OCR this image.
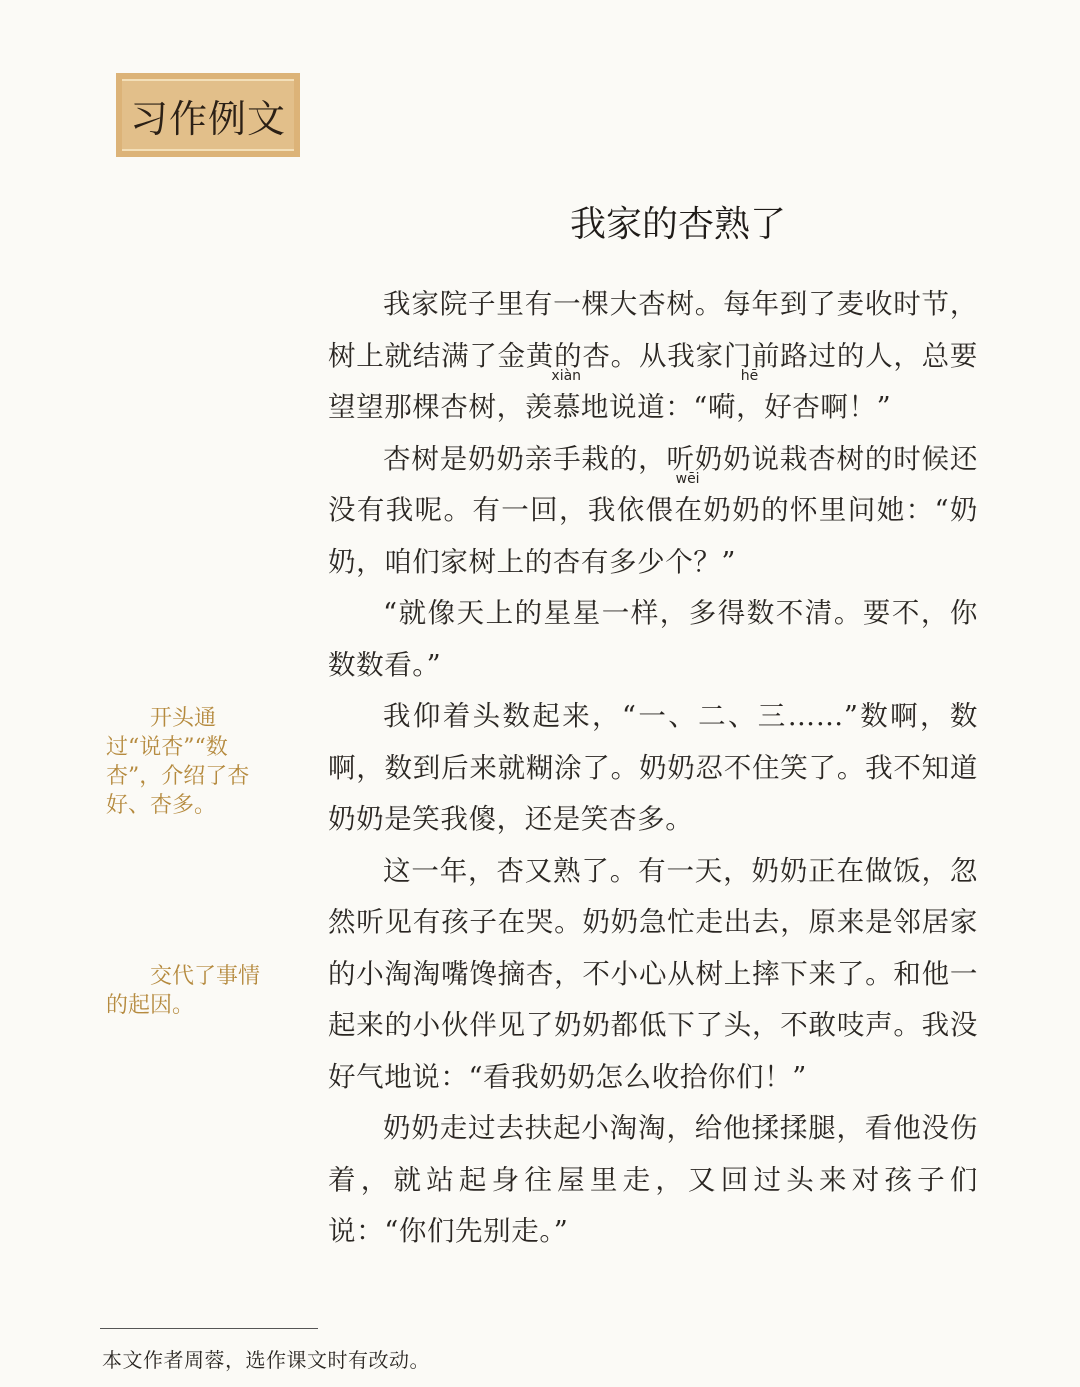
习作例文
我家的杏熟了

我家院子里有一棵大杏树。每年到了麦收时节，树上就结满了金黄的杏。从我家门前路过的人，总要望望那棵杏树，
xiàn
羡慕地说道：“
hē
嗬，好杏啊！”

杏树是奶奶亲手栽的，听奶奶说栽杏树的时候还没有我呢。有一回，我依
wēi
偎在奶奶的怀里问她：“奶奶，咱们家树上的杏有多少个？”

“就像天上的星星一样，多得数不清。要不，你数数看。”

我仰着头数起来，“一、二、三……”数啊，数啊，数到后来就糊涂了。奶奶忍不住笑了。我不知道奶奶是笑我傻，还是笑杏多。

这一年，杏又熟了。有一天，奶奶正在做饭，忽然听见有孩子在哭。奶奶急忙走出去，原来是邻居家的小淘淘嘴馋摘杏，不小心从树上摔下来了。和他一起来的小伙伴见了奶奶都低下了头，不敢吱声。我没好气地说：“看我奶奶怎么收拾你们！”

奶奶走过去扶起小淘淘，给他揉揉腿，看他没伤着，就站起身往屋里走，又回过头来对孩子们说：“你们先别走。”

开头通过“说杏”“数杏”，介绍了杏好、杏多。
交代了事情的起因。
本文作者周蓉，选作课文时有改动。
